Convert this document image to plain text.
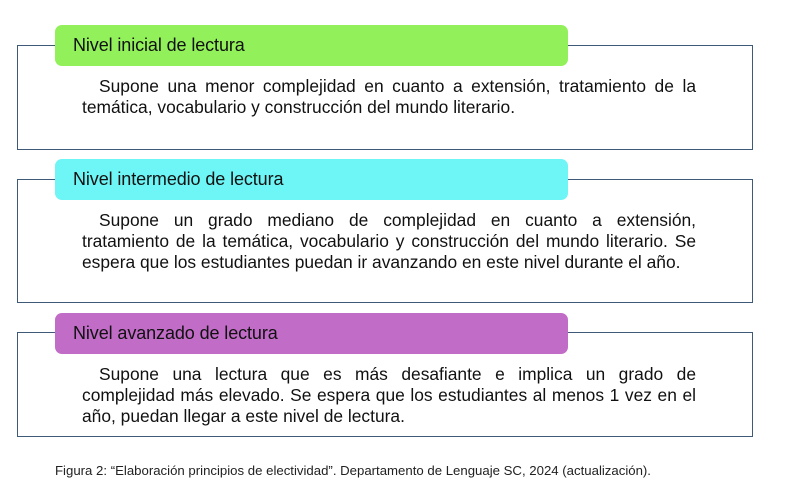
Nivel inicial de lectura
Supone una menor complejidad en cuanto a extensión, tratamiento de la temática, vocabulario y construcción del mundo literario.
Nivel intermedio de lectura
Supone un grado mediano de complejidad en cuanto a extensión, tratamiento de la temática, vocabulario y construcción del mundo literario. Se espera que los estudiantes puedan ir avanzando en este nivel durante el año.
Nivel avanzado de lectura
Supone una lectura que es más desafiante e implica un grado de complejidad más elevado. Se espera que los estudiantes al menos 1 vez en el año, puedan llegar a este nivel de lectura.
Figura 2: “Elaboración principios de electividad”. Departamento de Lenguaje SC, 2024 (actualización).
